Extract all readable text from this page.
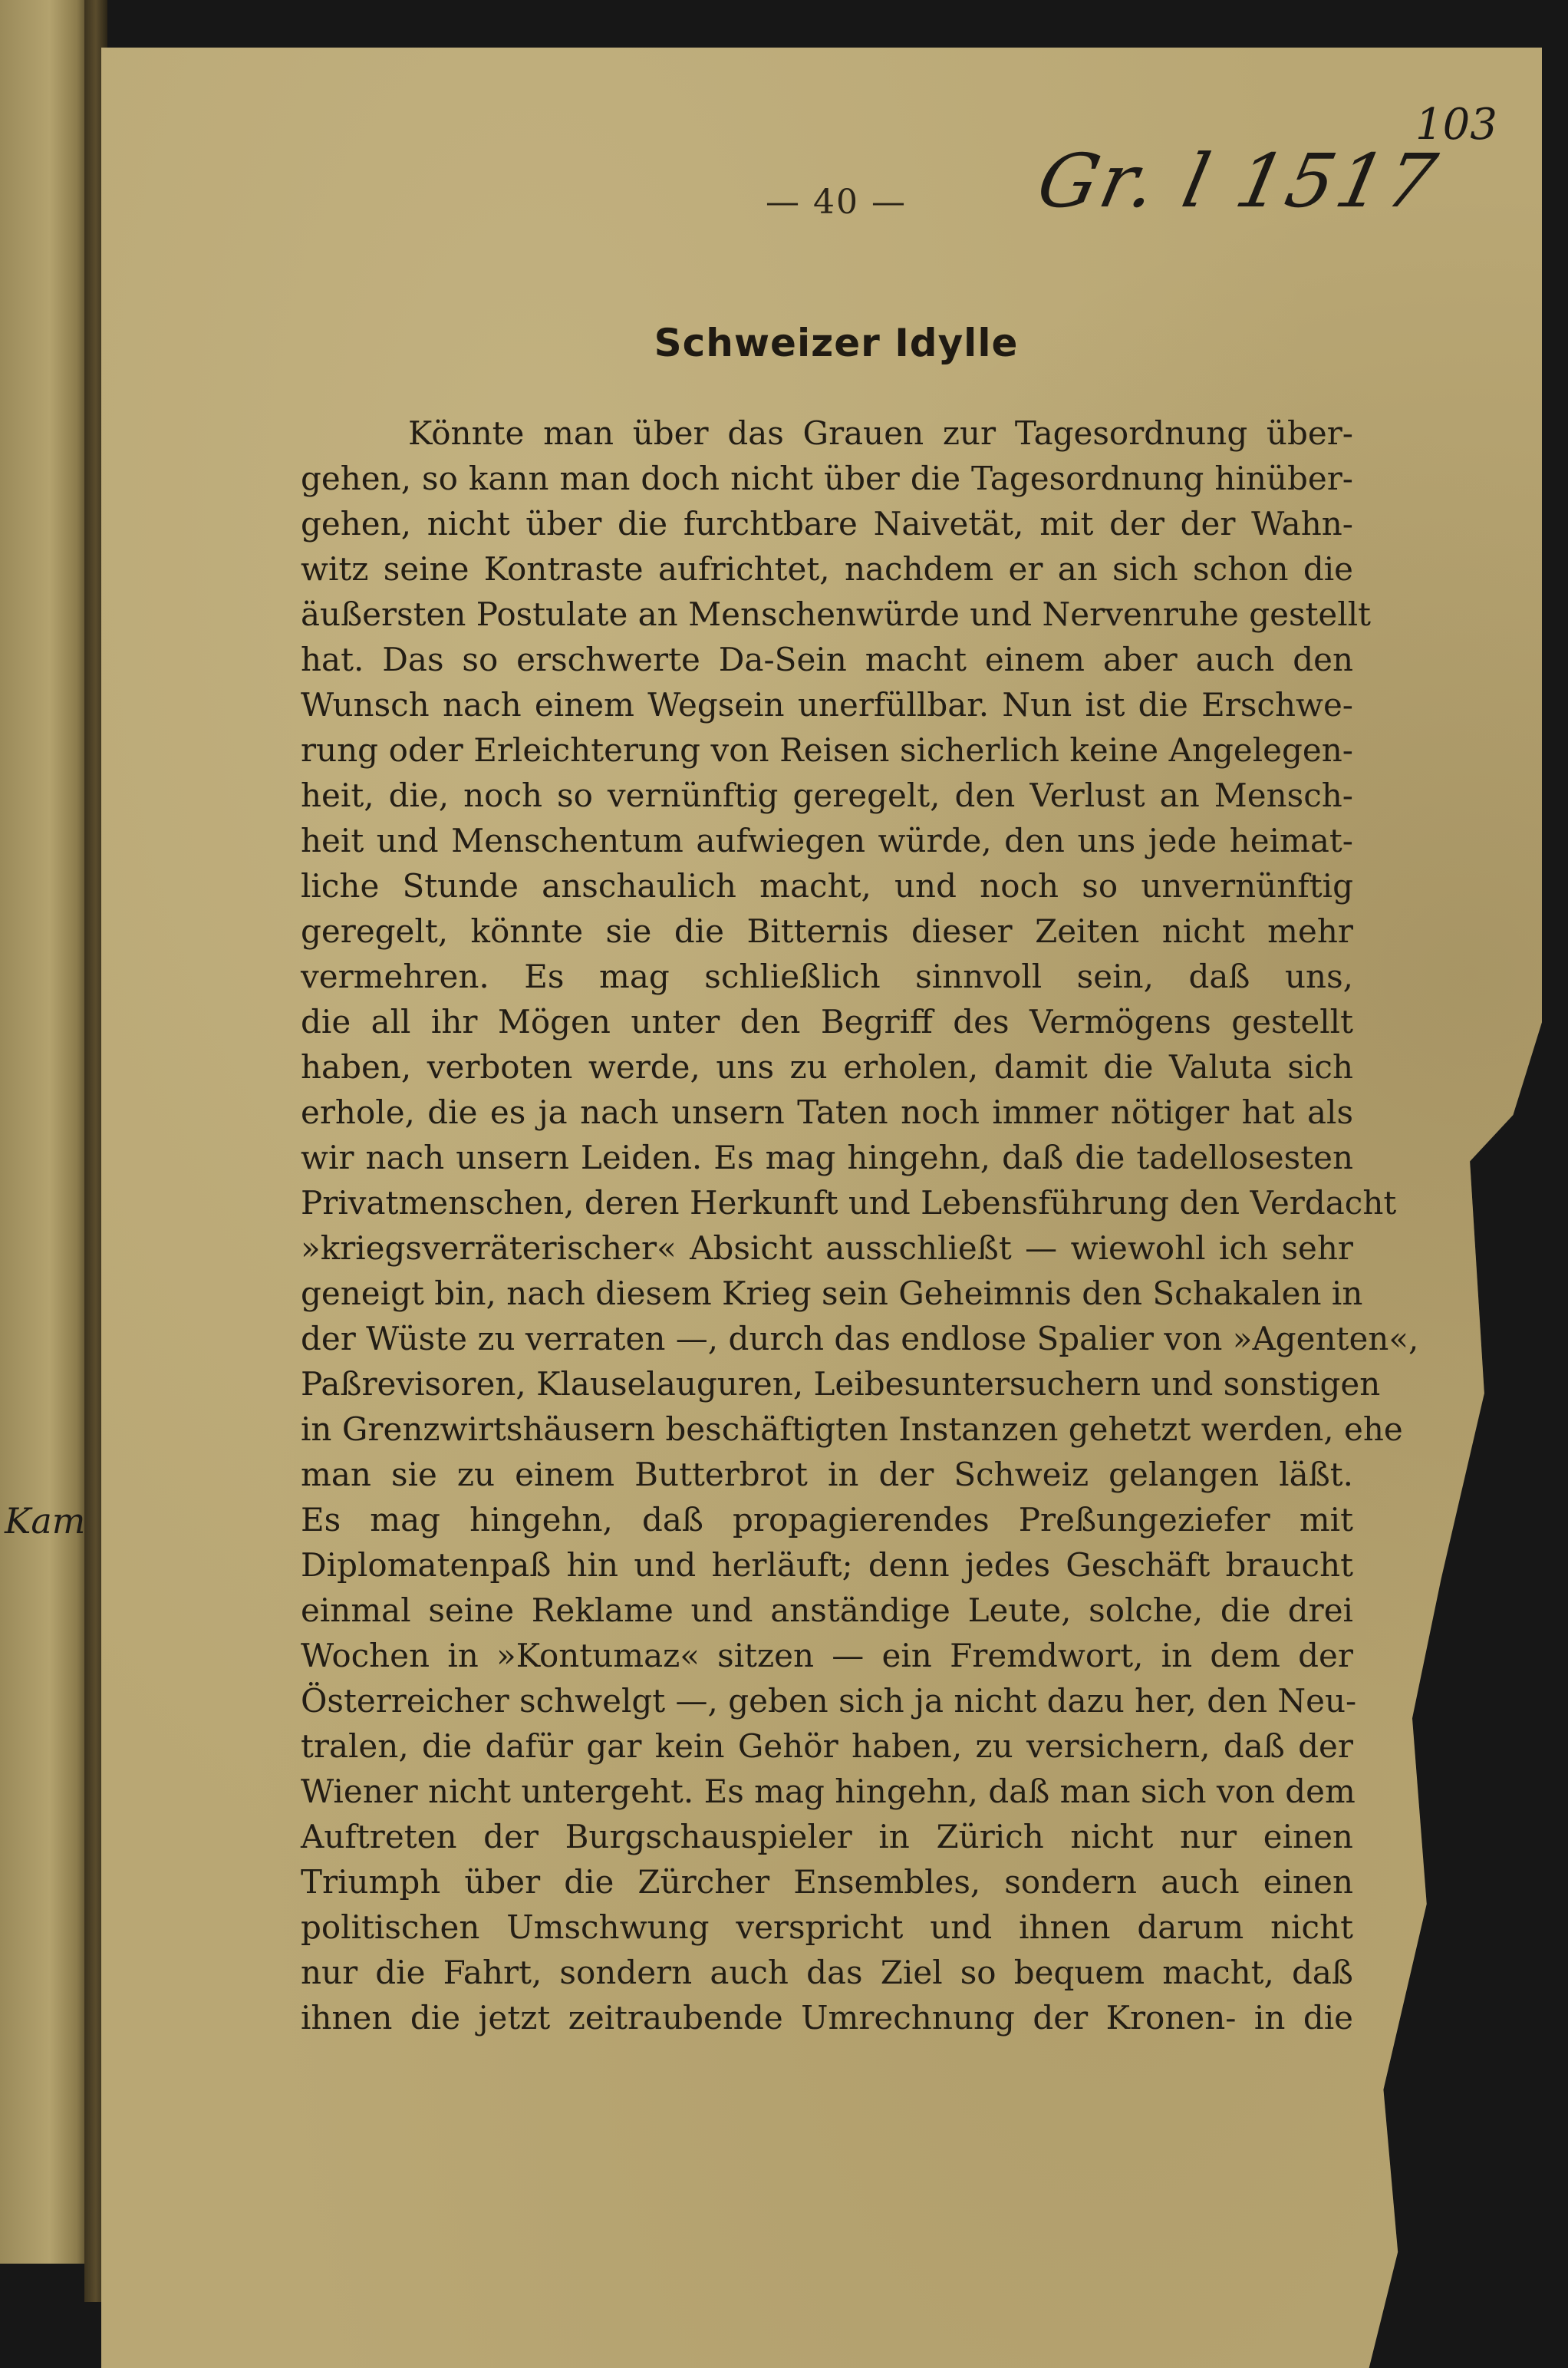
103
— 40 — Gr. l 1517
Kam
Schweizer Idylle
Könnte man über das Grauen zur Tagesordnung über-
gehen, so kann man doch nicht über die Tagesordnung hinüber-
gehen, nicht über die furchtbare Naivetät, mit der der Wahn-
witz seine Kontraste aufrichtet, nachdem er an sich schon die
äußersten Postulate an Menschenwürde und Nervenruhe gestellt
hat. Das so erschwerte Da-Sein macht einem aber auch den
Wunsch nach einem Wegsein unerfüllbar. Nun ist die Erschwe-
rung oder Erleichterung von Reisen sicherlich keine Angelegen-
heit, die, noch so vernünftig geregelt, den Verlust an Mensch-
heit und Menschentum aufwiegen würde, den uns jede heimat-
liche Stunde anschaulich macht, und noch so unvernünftig
geregelt, könnte sie die Bitternis dieser Zeiten nicht mehr
vermehren. Es mag schließlich sinnvoll sein, daß uns,
die all ihr Mögen unter den Begriff des Vermögens gestellt
haben, verboten werde, uns zu erholen, damit die Valuta sich
erhole, die es ja nach unsern Taten noch immer nötiger hat als
wir nach unsern Leiden. Es mag hingehn, daß die tadellosesten
Privatmenschen, deren Herkunft und Lebensführung den Verdacht
»kriegsverräterischer« Absicht ausschließt — wiewohl ich sehr
geneigt bin, nach diesem Krieg sein Geheimnis den Schakalen in
der Wüste zu verraten —, durch das endlose Spalier von »Agenten«,
Paßrevisoren, Klauselauguren, Leibesuntersuchern und sonstigen
in Grenzwirtshäusern beschäftigten Instanzen gehetzt werden, ehe
man sie zu einem Butterbrot in der Schweiz gelangen läßt.
Es mag hingehn, daß propagierendes Preßungeziefer mit
Diplomatenpaß hin und herläuft; denn jedes Geschäft braucht
einmal seine Reklame und anständige Leute, solche, die drei
Wochen in »Kontumaz« sitzen — ein Fremdwort, in dem der
Österreicher schwelgt —, geben sich ja nicht dazu her, den Neu-
tralen, die dafür gar kein Gehör haben, zu versichern, daß der
Wiener nicht untergeht. Es mag hingehn, daß man sich von dem
Auftreten der Burgschauspieler in Zürich nicht nur einen
Triumph über die Zürcher Ensembles, sondern auch einen
politischen Umschwung verspricht und ihnen darum nicht
nur die Fahrt, sondern auch das Ziel so bequem macht, daß
ihnen die jetzt zeitraubende Umrechnung der Kronen- in die
